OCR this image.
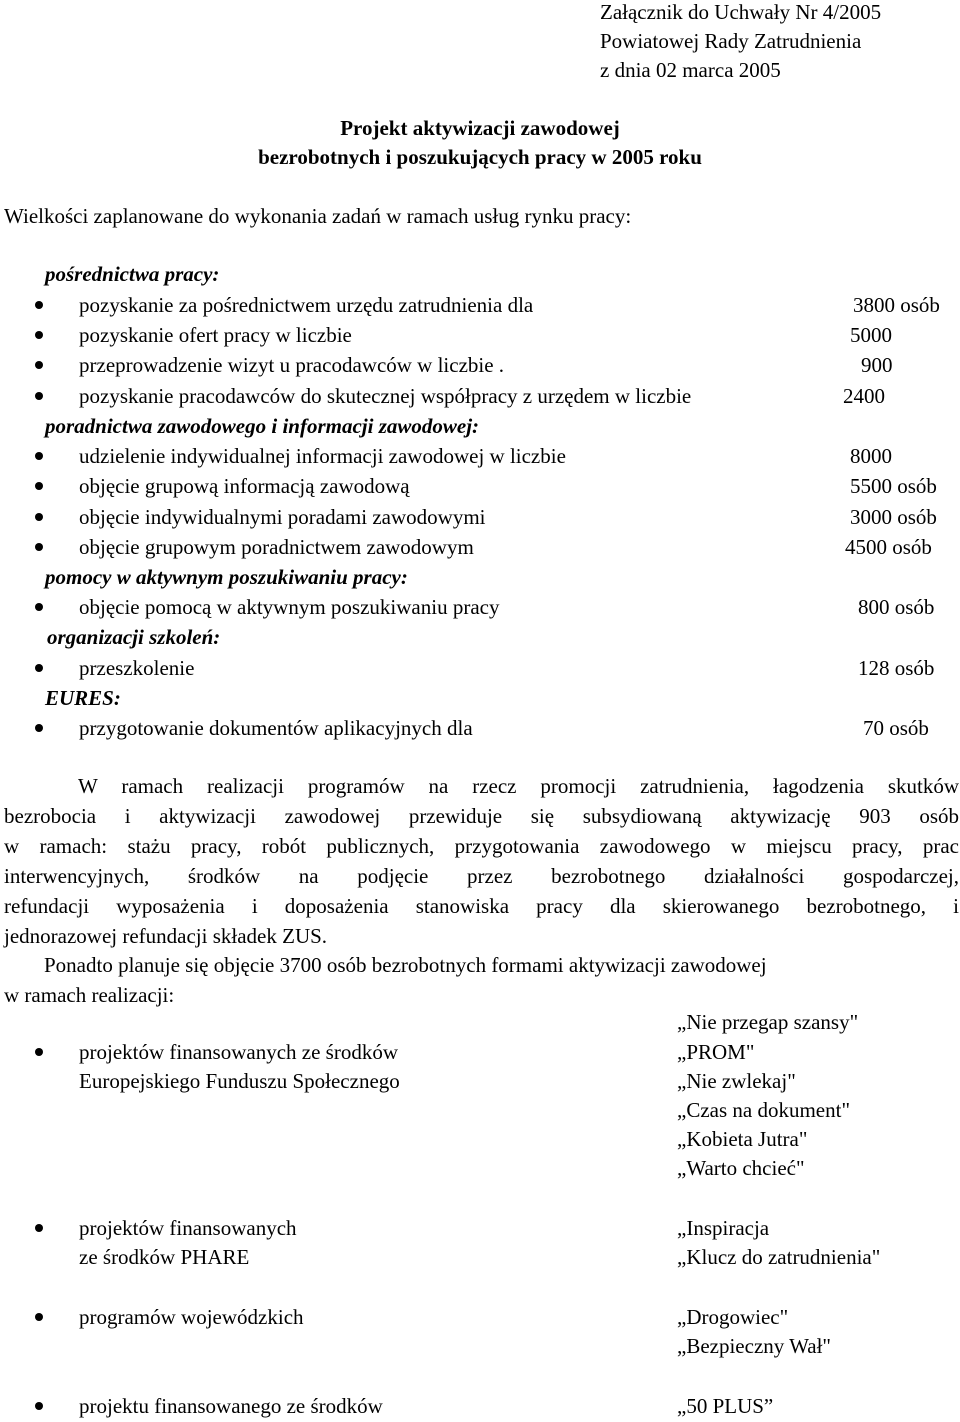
Załącznik do Uchwały Nr 4/2005
Powiatowej Rady Zatrudnienia
z dnia 02 marca 2005
Projekt aktywizacji zawodowej
bezrobotnych i poszukujących pracy w 2005 roku
Wielkości zaplanowane do wykonania zadań w ramach usług rynku pracy:
pośrednictwa pracy:
pozyskanie za pośrednictwem urzędu zatrudnienia dla	3800 osób
pozyskanie ofert pracy w liczbie	5000
przeprowadzenie wizyt u pracodawców w liczbie .	900
pozyskanie pracodawców do skutecznej współpracy z urzędem w liczbie	2400
poradnictwa zawodowego i informacji zawodowej:
udzielenie indywidualnej informacji zawodowej w liczbie	8000
objęcie grupową informacją zawodową	5500 osób
objęcie indywidualnymi poradami zawodowymi	3000 osób
objęcie grupowym poradnictwem zawodowym	4500 osób
pomocy w aktywnym poszukiwaniu pracy:
objęcie pomocą w aktywnym poszukiwaniu pracy	800 osób
organizacji szkoleń:
przeszkolenie	128 osób
EURES:
przygotowanie dokumentów aplikacyjnych dla	70 osób
W ramach realizacji programów na rzecz promocji zatrudnienia, łagodzenia skutków
bezrobocia i aktywizacji zawodowej przewiduje się subsydiowaną aktywizację 903 osób
w ramach: stażu pracy, robót publicznych, przygotowania zawodowego w miejscu pracy, prac
interwencyjnych, środków na podjęcie przez bezrobotnego działalności gospodarczej,
refundacji wyposażenia i doposażenia stanowiska pracy dla skierowanego bezrobotnego, i
jednorazowej refundacji składek ZUS.
Ponadto planuje się objęcie 3700 osób bezrobotnych formami aktywizacji zawodowej
w ramach realizacji:
„Nie przegap szansy"
projektów finansowanych ze środków	„PROM"
Europejskiego Funduszu Społecznego	„Nie zwlekaj"
„Czas na dokument"
„Kobieta Jutra"
„Warto chcieć"
projektów finansowanych	„Inspiracja
ze środków PHARE	„Klucz do zatrudnienia"
programów wojewódzkich	„Drogowiec"
„Bezpieczny Wał"
projektu finansowanego ze środków	„50 PLUS”
